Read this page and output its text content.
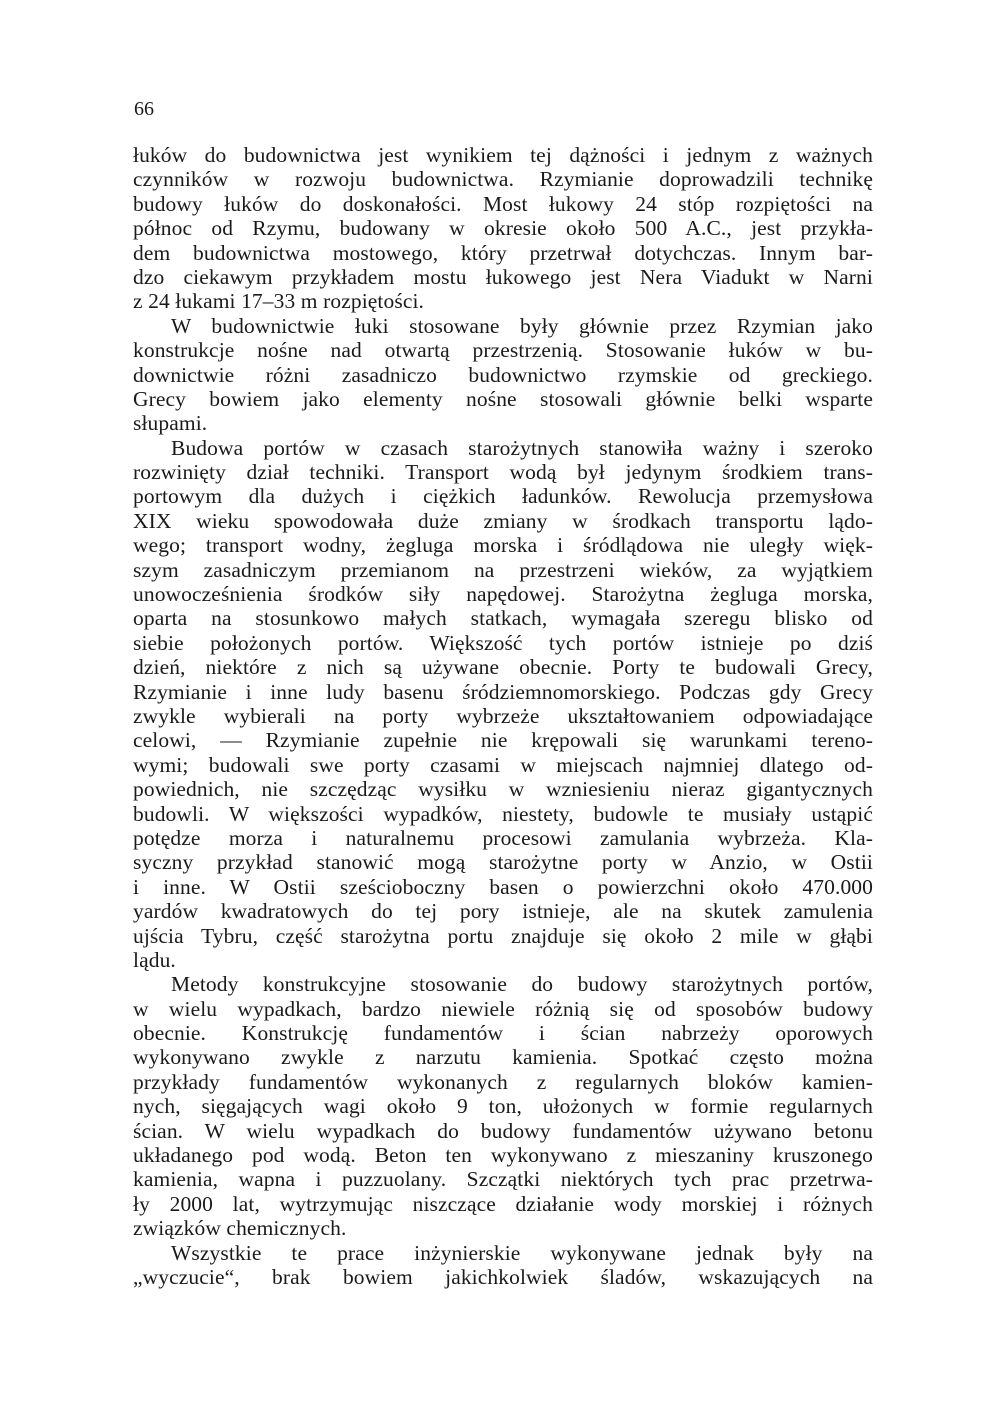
66
łuków do budownictwa jest wynikiem tej dążności i jednym z ważnych
czynników w rozwoju budownictwa. Rzymianie doprowadzili technikę
budowy łuków do doskonałości. Most łukowy 24 stóp rozpiętości na
północ od Rzymu, budowany w okresie około 500 A.C., jest przykła-
dem budownictwa mostowego, który przetrwał dotychczas. Innym bar-
dzo ciekawym przykładem mostu łukowego jest Nera Viadukt w Narni
z 24 łukami 17–33 m rozpiętości.
W budownictwie łuki stosowane były głównie przez Rzymian jako
konstrukcje nośne nad otwartą przestrzenią. Stosowanie łuków w bu-
downictwie różni zasadniczo budownictwo rzymskie od greckiego.
Grecy bowiem jako elementy nośne stosowali głównie belki wsparte
słupami.
Budowa portów w czasach starożytnych stanowiła ważny i szeroko
rozwinięty dział techniki. Transport wodą był jedynym środkiem trans-
portowym dla dużych i ciężkich ładunków. Rewolucja przemysłowa
XIX wieku spowodowała duże zmiany w środkach transportu lądo-
wego; transport wodny, żegluga morska i śródlądowa nie uległy więk-
szym zasadniczym przemianom na przestrzeni wieków, za wyjątkiem
unowocześnienia środków siły napędowej. Starożytna żegluga morska,
oparta na stosunkowo małych statkach, wymagała szeregu blisko od
siebie położonych portów. Większość tych portów istnieje po dziś
dzień, niektóre z nich są używane obecnie. Porty te budowali Grecy,
Rzymianie i inne ludy basenu śródziemnomorskiego. Podczas gdy Grecy
zwykle wybierali na porty wybrzeże ukształtowaniem odpowiadające
celowi, — Rzymianie zupełnie nie krępowali się warunkami tereno-
wymi; budowali swe porty czasami w miejscach najmniej dlatego od-
powiednich, nie szczędząc wysiłku w wzniesieniu nieraz gigantycznych
budowli. W większości wypadków, niestety, budowle te musiały ustąpić
potędze morza i naturalnemu procesowi zamulania wybrzeża. Kla-
syczny przykład stanowić mogą starożytne porty w Anzio, w Ostii
i inne. W Ostii sześcioboczny basen o powierzchni około 470.000
yardów kwadratowych do tej pory istnieje, ale na skutek zamulenia
ujścia Tybru, część starożytna portu znajduje się około 2 mile w głąbi
lądu.
Metody konstrukcyjne stosowanie do budowy starożytnych portów,
w wielu wypadkach, bardzo niewiele różnią się od sposobów budowy
obecnie. Konstrukcję fundamentów i ścian nabrzeży oporowych
wykonywano zwykle z narzutu kamienia. Spotkać często można
przykłady fundamentów wykonanych z regularnych bloków kamien-
nych, sięgających wagi około 9 ton, ułożonych w formie regularnych
ścian. W wielu wypadkach do budowy fundamentów używano betonu
układanego pod wodą. Beton ten wykonywano z mieszaniny kruszonego
kamienia, wapna i puzzuolany. Szczątki niektórych tych prac przetrwa-
ły 2000 lat, wytrzymując niszczące działanie wody morskiej i różnych
związków chemicznych.
Wszystkie te prace inżynierskie wykonywane jednak były na
„wyczucie“, brak bowiem jakichkolwiek śladów, wskazujących na
